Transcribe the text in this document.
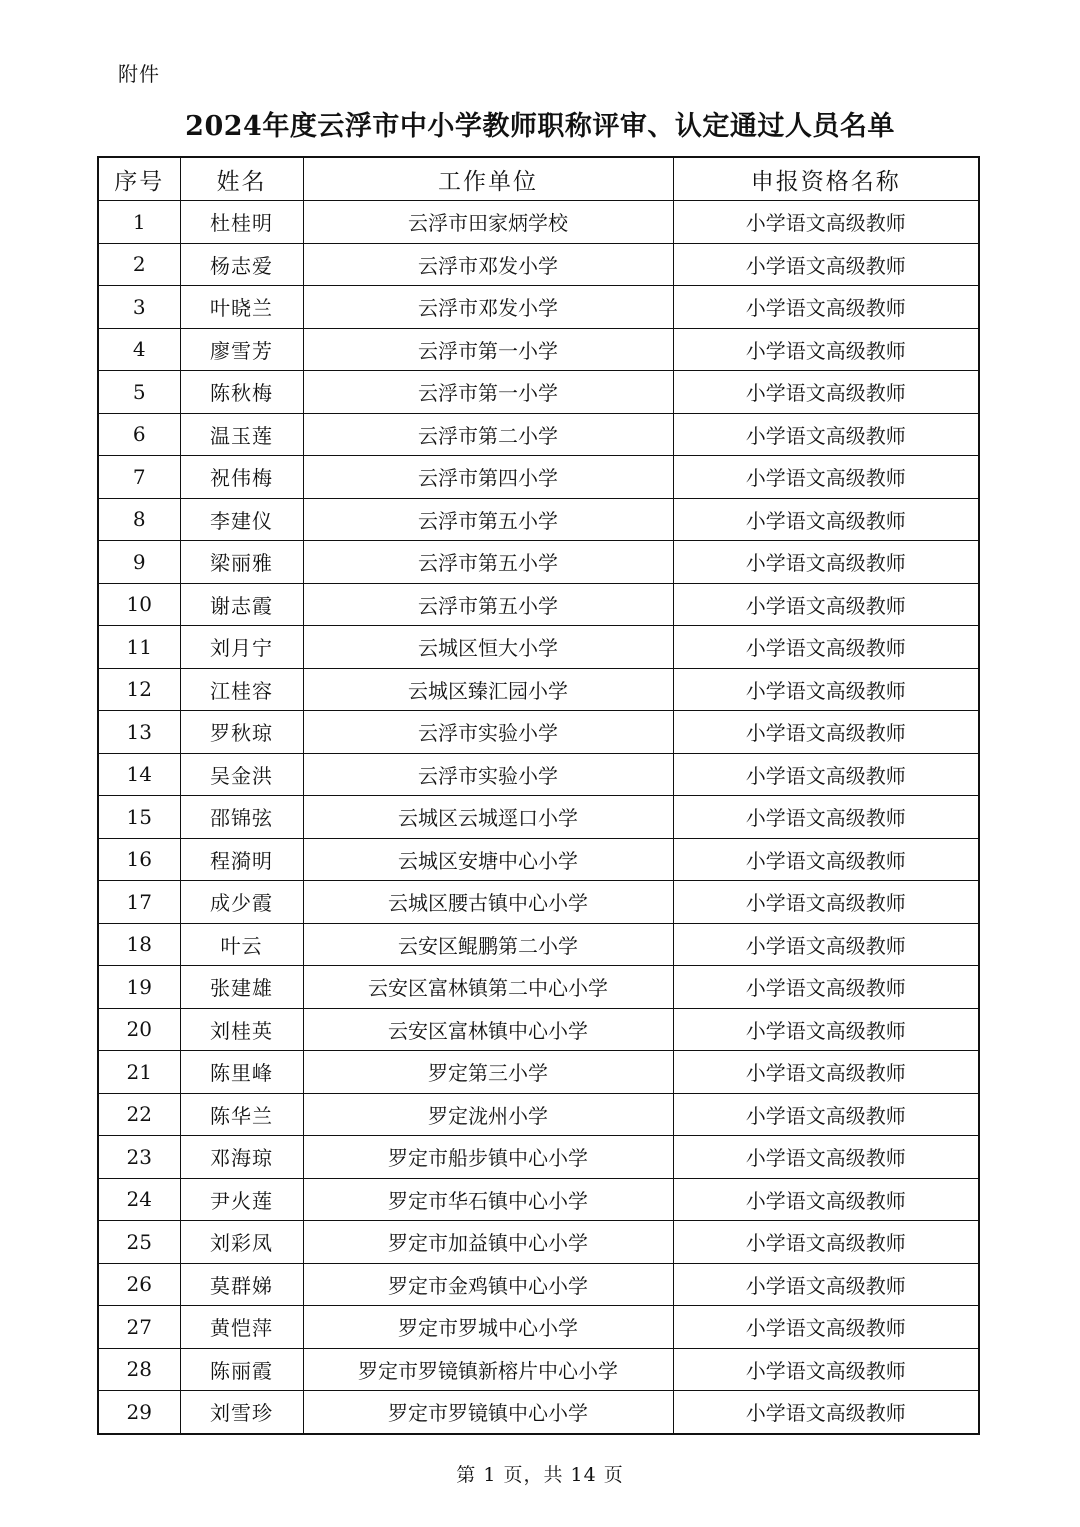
附件
2024年度云浮市中小学教师职称评审、认定通过人员名单
序号	姓名	工作单位	申报资格名称
1	杜桂明	云浮市田家炳学校	小学语文高级教师
2	杨志爱	云浮市邓发小学	小学语文高级教师
3	叶晓兰	云浮市邓发小学	小学语文高级教师
4	廖雪芳	云浮市第一小学	小学语文高级教师
5	陈秋梅	云浮市第一小学	小学语文高级教师
6	温玉莲	云浮市第二小学	小学语文高级教师
7	祝伟梅	云浮市第四小学	小学语文高级教师
8	李建仪	云浮市第五小学	小学语文高级教师
9	梁丽雅	云浮市第五小学	小学语文高级教师
10	谢志霞	云浮市第五小学	小学语文高级教师
11	刘月宁	云城区恒大小学	小学语文高级教师
12	江桂容	云城区臻汇园小学	小学语文高级教师
13	罗秋琼	云浮市实验小学	小学语文高级教师
14	吴金洪	云浮市实验小学	小学语文高级教师
15	邵锦弦	云城区云城逕口小学	小学语文高级教师
16	程漪明	云城区安塘中心小学	小学语文高级教师
17	成少霞	云城区腰古镇中心小学	小学语文高级教师
18	叶云	云安区鲲鹏第二小学	小学语文高级教师
19	张建雄	云安区富林镇第二中心小学	小学语文高级教师
20	刘桂英	云安区富林镇中心小学	小学语文高级教师
21	陈里峰	罗定第三小学	小学语文高级教师
22	陈华兰	罗定泷州小学	小学语文高级教师
23	邓海琼	罗定市船步镇中心小学	小学语文高级教师
24	尹火莲	罗定市华石镇中心小学	小学语文高级教师
25	刘彩凤	罗定市加益镇中心小学	小学语文高级教师
26	莫群娣	罗定市金鸡镇中心小学	小学语文高级教师
27	黄恺萍	罗定市罗城中心小学	小学语文高级教师
28	陈丽霞	罗定市罗镜镇新榕片中心小学	小学语文高级教师
29	刘雪珍	罗定市罗镜镇中心小学	小学语文高级教师
第 1 页，共 14 页
